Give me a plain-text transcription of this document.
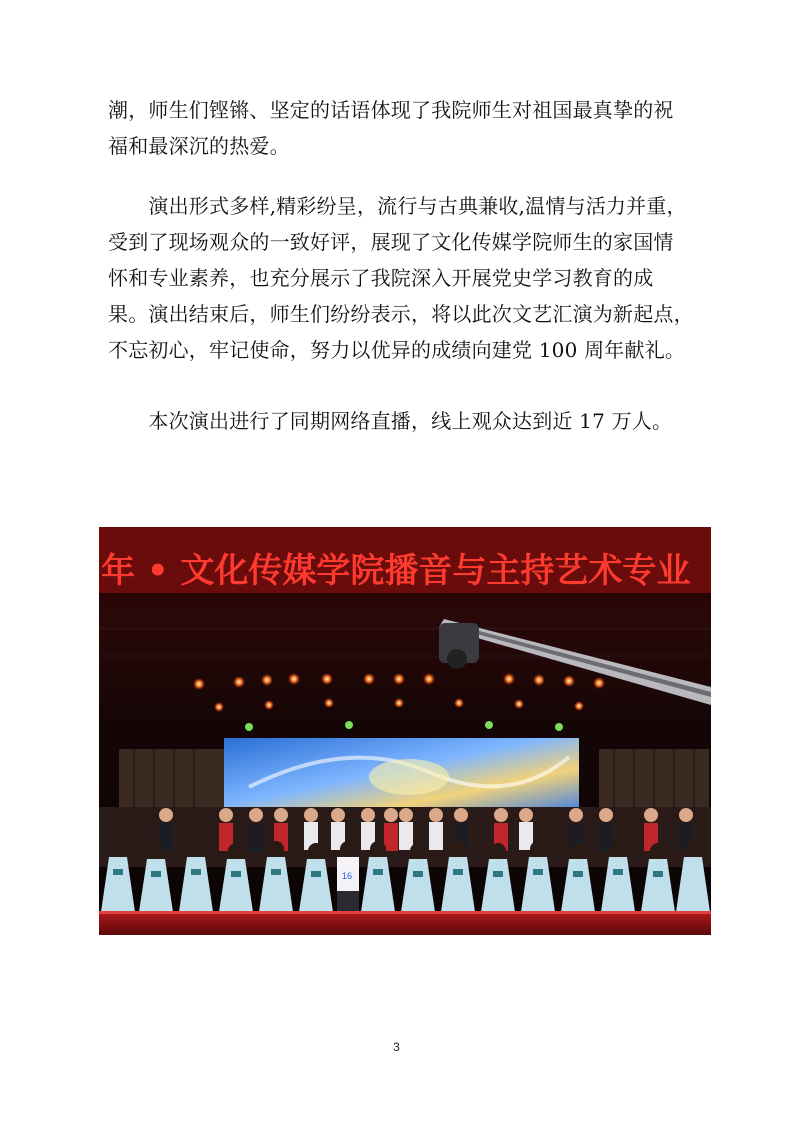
潮，师生们铿锵、坚定的话语体现了我院师生对祖国最真挚的祝
福和最深沉的热爱。

　　演出形式多样,精彩纷呈，流行与古典兼收,温情与活力并重，
受到了现场观众的一致好评，展现了文化传媒学院师生的家国情
怀和专业素养，也充分展示了我院深入开展党史学习教育的成
果。演出结束后，师生们纷纷表示，将以此次文艺汇演为新起点，
不忘初心，牢记使命，努力以优异的成绩向建党 100 周年献礼。

　　本次演出进行了同期网络直播，线上观众达到近 17 万人。

年 • 文化传媒学院播音与主持艺术专业
16
3
